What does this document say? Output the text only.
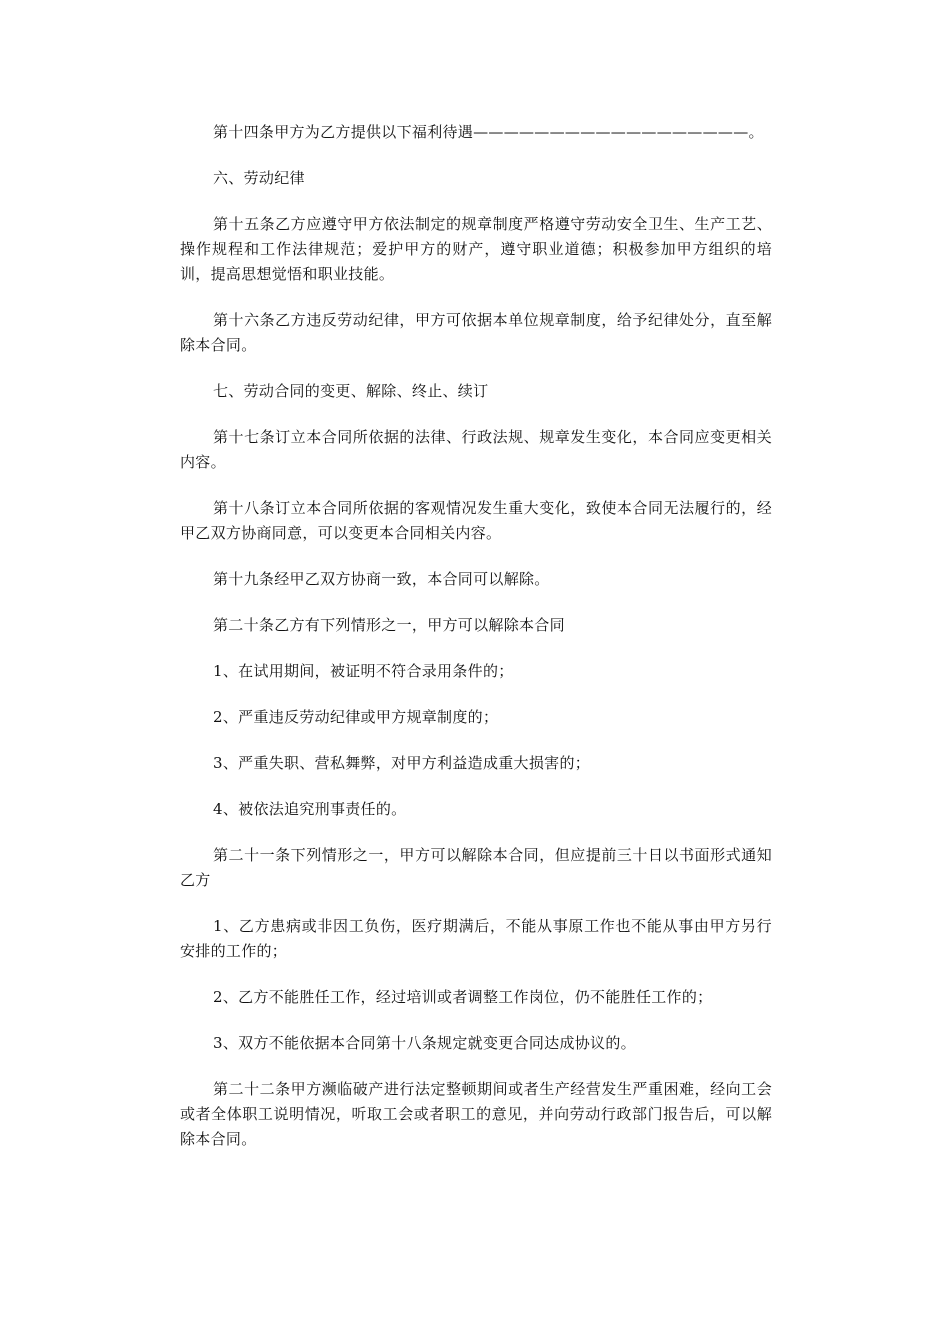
第十四条甲方为乙方提供以下福利待遇——————————————————。

六、劳动纪律

第十五条乙方应遵守甲方依法制定的规章制度严格遵守劳动安全卫生、生产工艺、操作规程和工作法律规范；爱护甲方的财产，遵守职业道德；积极参加甲方组织的培训，提高思想觉悟和职业技能。

第十六条乙方违反劳动纪律，甲方可依据本单位规章制度，给予纪律处分，直至解除本合同。

七、劳动合同的变更、解除、终止、续订

第十七条订立本合同所依据的法律、行政法规、规章发生变化，本合同应变更相关内容。

第十八条订立本合同所依据的客观情况发生重大变化，致使本合同无法履行的，经甲乙双方协商同意，可以变更本合同相关内容。

第十九条经甲乙双方协商一致，本合同可以解除。

第二十条乙方有下列情形之一，甲方可以解除本合同

1、在试用期间，被证明不符合录用条件的；

2、严重违反劳动纪律或甲方规章制度的；

3、严重失职、营私舞弊，对甲方利益造成重大损害的；

4、被依法追究刑事责任的。

第二十一条下列情形之一，甲方可以解除本合同，但应提前三十日以书面形式通知乙方

1、乙方患病或非因工负伤，医疗期满后，不能从事原工作也不能从事由甲方另行安排的工作的；

2、乙方不能胜任工作，经过培训或者调整工作岗位，仍不能胜任工作的；

3、双方不能依据本合同第十八条规定就变更合同达成协议的。

第二十二条甲方濒临破产进行法定整顿期间或者生产经营发生严重困难，经向工会或者全体职工说明情况，听取工会或者职工的意见，并向劳动行政部门报告后，可以解除本合同。
